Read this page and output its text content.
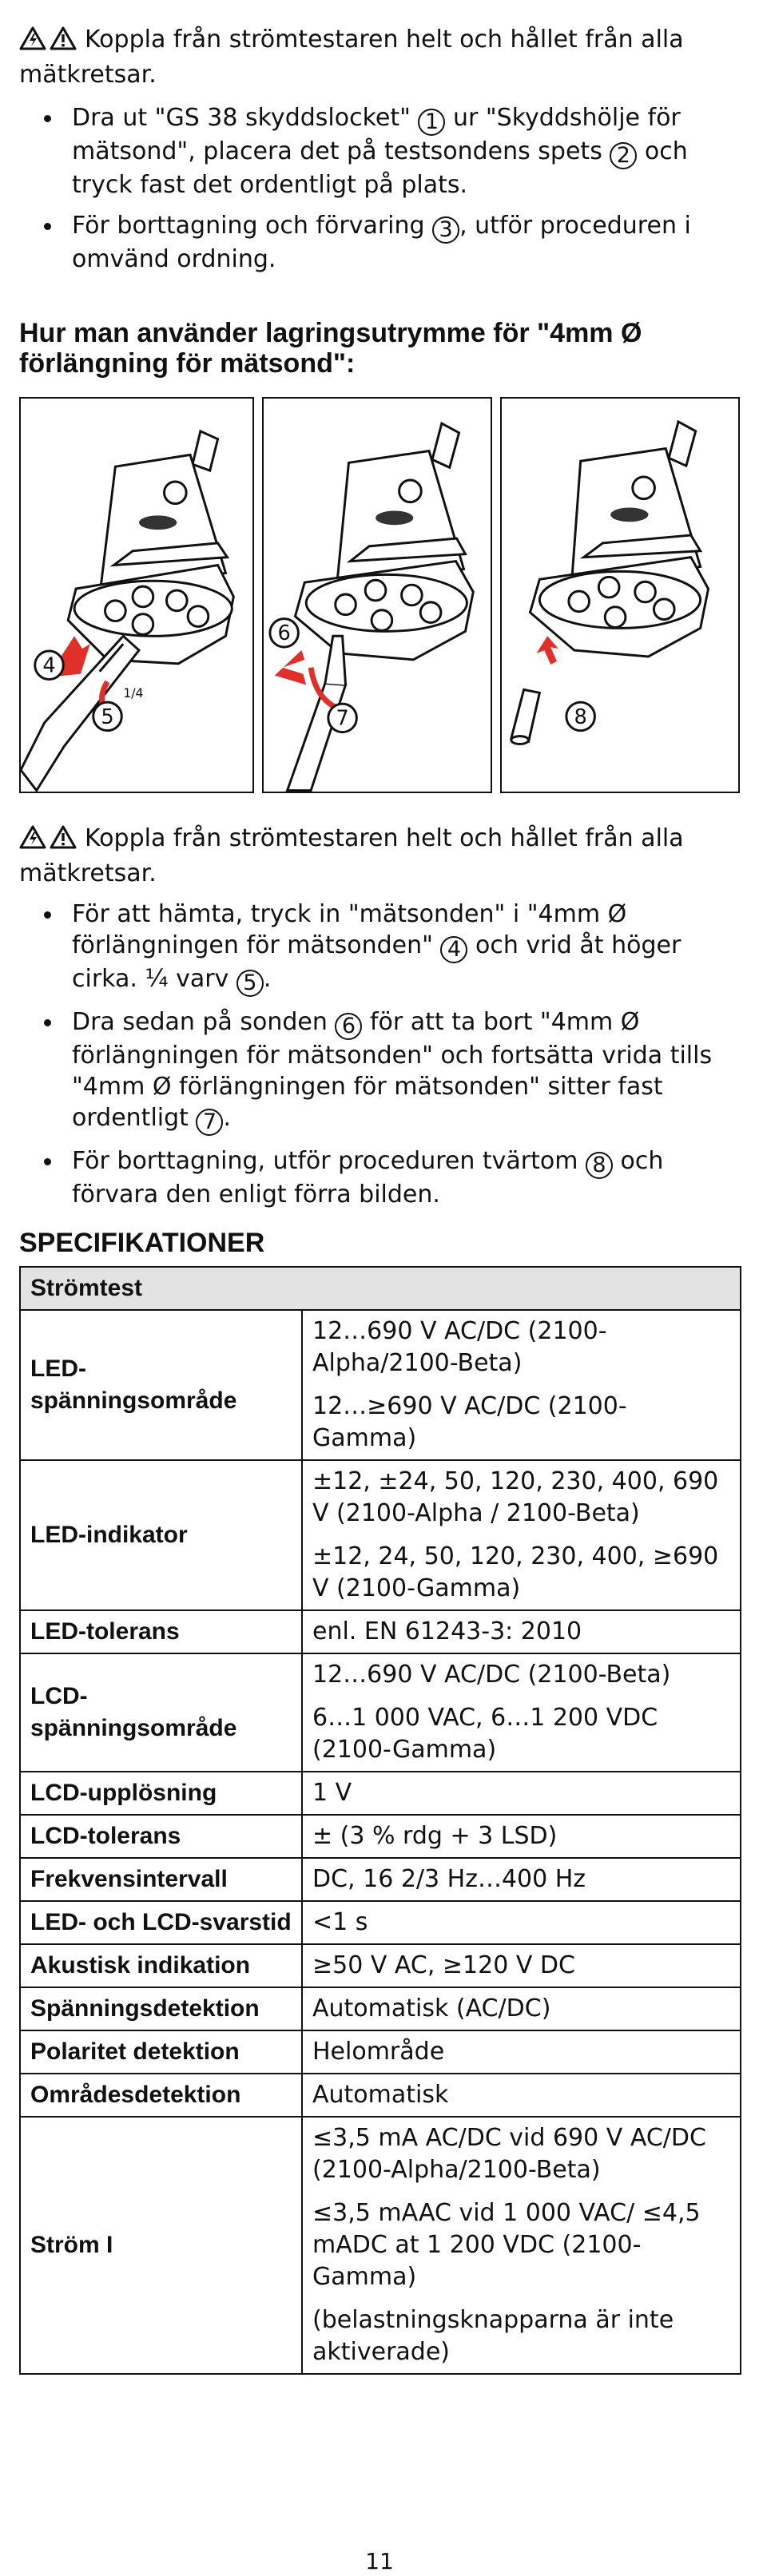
Koppla från strömtestaren helt och hållet från alla mätkretsar.
Dra ut "GS 38 skyddslocket" 1 ur "Skyddshölje för mätsond", placera det på testsondens spets 2 och tryck fast det ordentligt på plats.
För borttagning och förvaring 3 , utför proceduren i omvänd ordning.
Hur man använder lagringsutrymme för "4mm Ø förlängning för mätsond":
4
5
1/4
6
7	8
Koppla från strömtestaren helt och hållet från alla mätkretsar.
För att hämta, tryck in "mätsonden" i "4mm Ø förlängningen för mätsonden" 4 och vrid åt höger cirka. ¼ varv 5 .
Dra sedan på sonden 6 för att ta bort "4mm Ø förlängningen för mätsonden" och fortsätta vrida tills "4mm Ø förlängningen för mätsonden" sitter fast ordentligt 7 .
För borttagning, utför proceduren tvärtom 8 och förvara den enligt förra bilden.
SPECIFIKATIONER
Strömtest	
LED-spänningsområde	12…690 V AC/DC (2100-Alpha/2100-Beta)

12…≥690 V AC/DC (2100-Gamma)

LED-indikator	±12, ±24, 50, 120, 230, 400, 690 V (2100-Alpha / 2100-Beta)

±12, 24, 50, 120, 230, 400, ≥690 V (2100-Gamma)

LED-tolerans	enl. EN 61243-3: 2010

LCD-spänningsområde	12…690 V AC/DC (2100-Beta)

6…1 000 VAC, 6…1 200 VDC (2100-Gamma)

LCD-upplösning	1 V

LCD-tolerans	± (3 % rdg + 3 LSD)

Frekvensintervall	DC, 16 2/3 Hz…400 Hz

LED- och LCD-svarstid	<1 s

Akustisk indikation	≥50 V AC, ≥120 V DC

Spänningsdetektion	Automatisk (AC/DC)

Polaritet detektion	Helområde

Områdesdetektion	Automatisk

Ström I	≤3,5 mA AC/DC vid 690 V AC/DC (2100-Alpha/2100-Beta)

≤3,5 mAAC vid 1 000 VAC/ ≤4,5 mADC at 1 200 VDC (2100-Gamma)

(belastningsknapparna är inte aktiverade)

11
